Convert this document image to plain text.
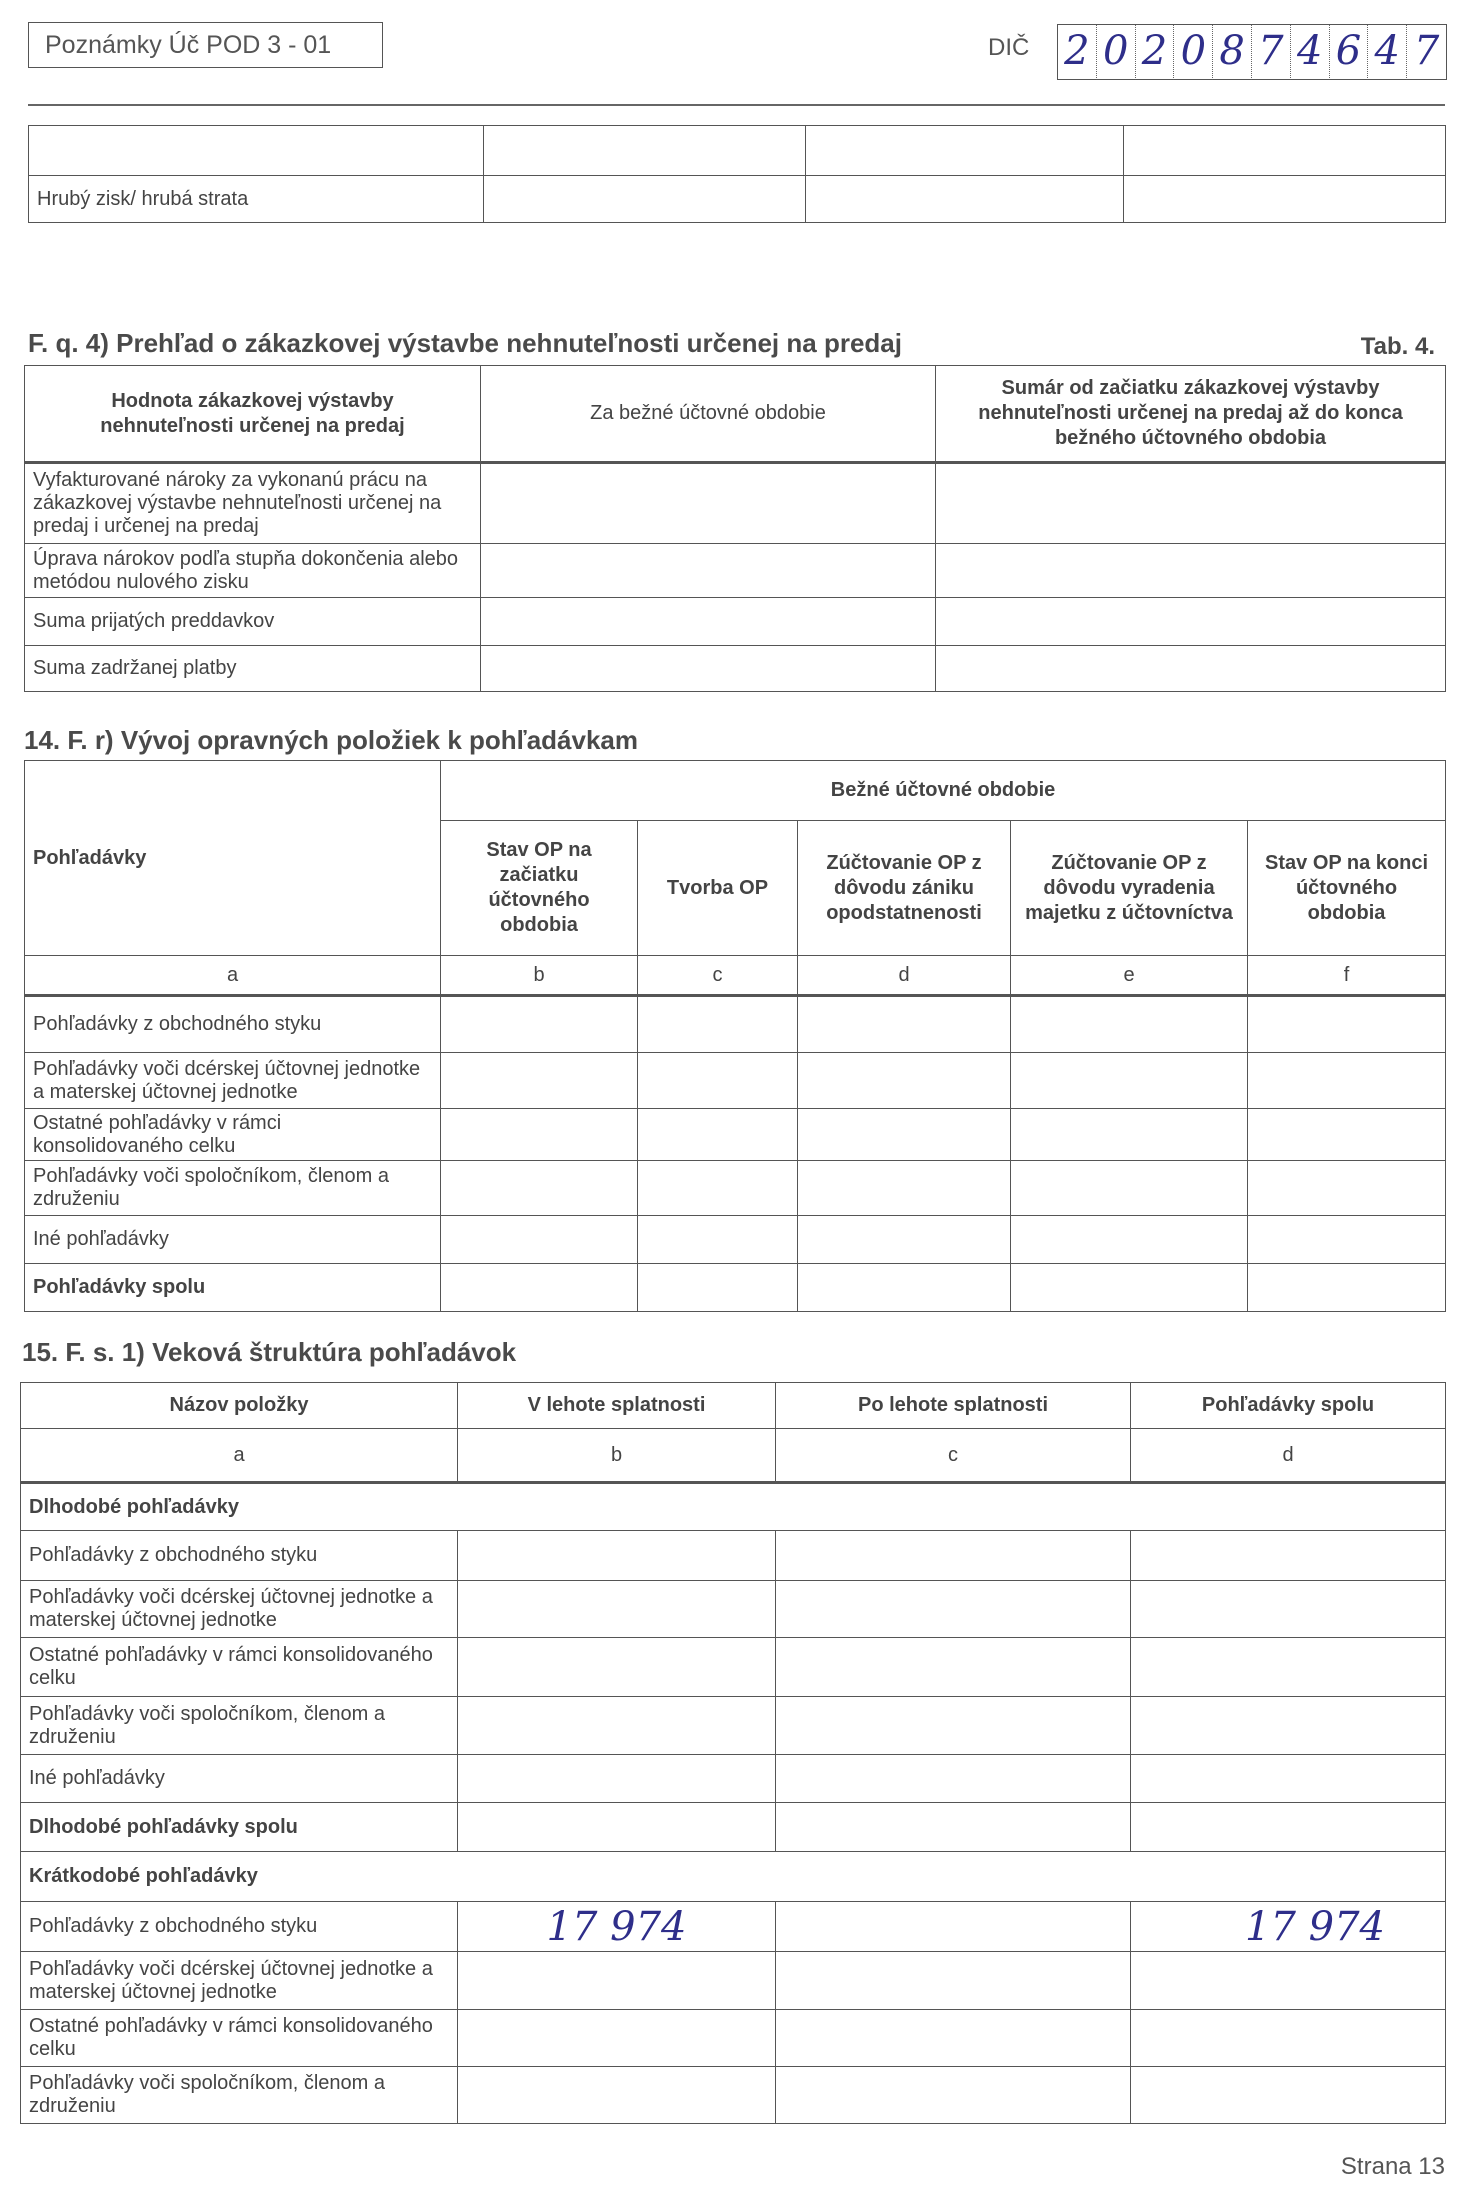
Poznámky Úč POD 3 - 01	DIČ 2 0 2 0 8 7 4 6 4 7

Hrubý zisk/ hrubá strata			
F. q. 4) Prehľad o zákazkovej výstavbe nehnuteľnosti určenej na predaj	Tab. 4.
Hodnota zákazkovej výstavby nehnuteľnosti určenej na predaj	Za bežné účtovné obdobie	Sumár od začiatku zákazkovej výstavby nehnuteľnosti určenej na predaj až do konca bežného účtovného obdobia
Vyfakturované nároky za vykonanú prácu na zákazkovej výstavbe nehnuteľnosti určenej na predaj i určenej na predaj		
Úprava nárokov podľa stupňa dokončenia alebo metódou nulového zisku		
Suma prijatých preddavkov		
Suma zadržanej platby		
14. F. r) Vývoj opravných položiek k pohľadávkam
Pohľadávky	Bežné účtovné obdobie				
	Stav OP na začiatku účtovného obdobia	Tvorba OP	Zúčtovanie OP z dôvodu zániku opodstatnenosti	Zúčtovanie OP z dôvodu vyradenia majetku z účtovníctva	Stav OP na konci účtovného obdobia
a	b	c	d	e	f
Pohľadávky z obchodného styku					
Pohľadávky voči dcérskej účtovnej jednotke a materskej účtovnej jednotke					
Ostatné pohľadávky v rámci konsolidovaného celku					
Pohľadávky voči spoločníkom, členom a združeniu					
Iné pohľadávky					
Pohľadávky spolu					
15. F. s. 1) Veková štruktúra pohľadávok
Názov položky	V lehote splatnosti	Po lehote splatnosti	Pohľadávky spolu
a	b	c	d
Dlhodobé pohľadávky			
Pohľadávky z obchodného styku			
Pohľadávky voči dcérskej účtovnej jednotke a materskej účtovnej jednotke			
Ostatné pohľadávky v rámci konsolidovaného celku			
Pohľadávky voči spoločníkom, členom a združeniu			
Iné pohľadávky			
Dlhodobé pohľadávky spolu			
Krátkodobé pohľadávky			
Pohľadávky z obchodného styku	17 974		17 974
Pohľadávky voči dcérskej účtovnej jednotke a materskej účtovnej jednotke			
Ostatné pohľadávky v rámci konsolidovaného celku			
Pohľadávky voči spoločníkom, členom a združeniu			
Strana 13
